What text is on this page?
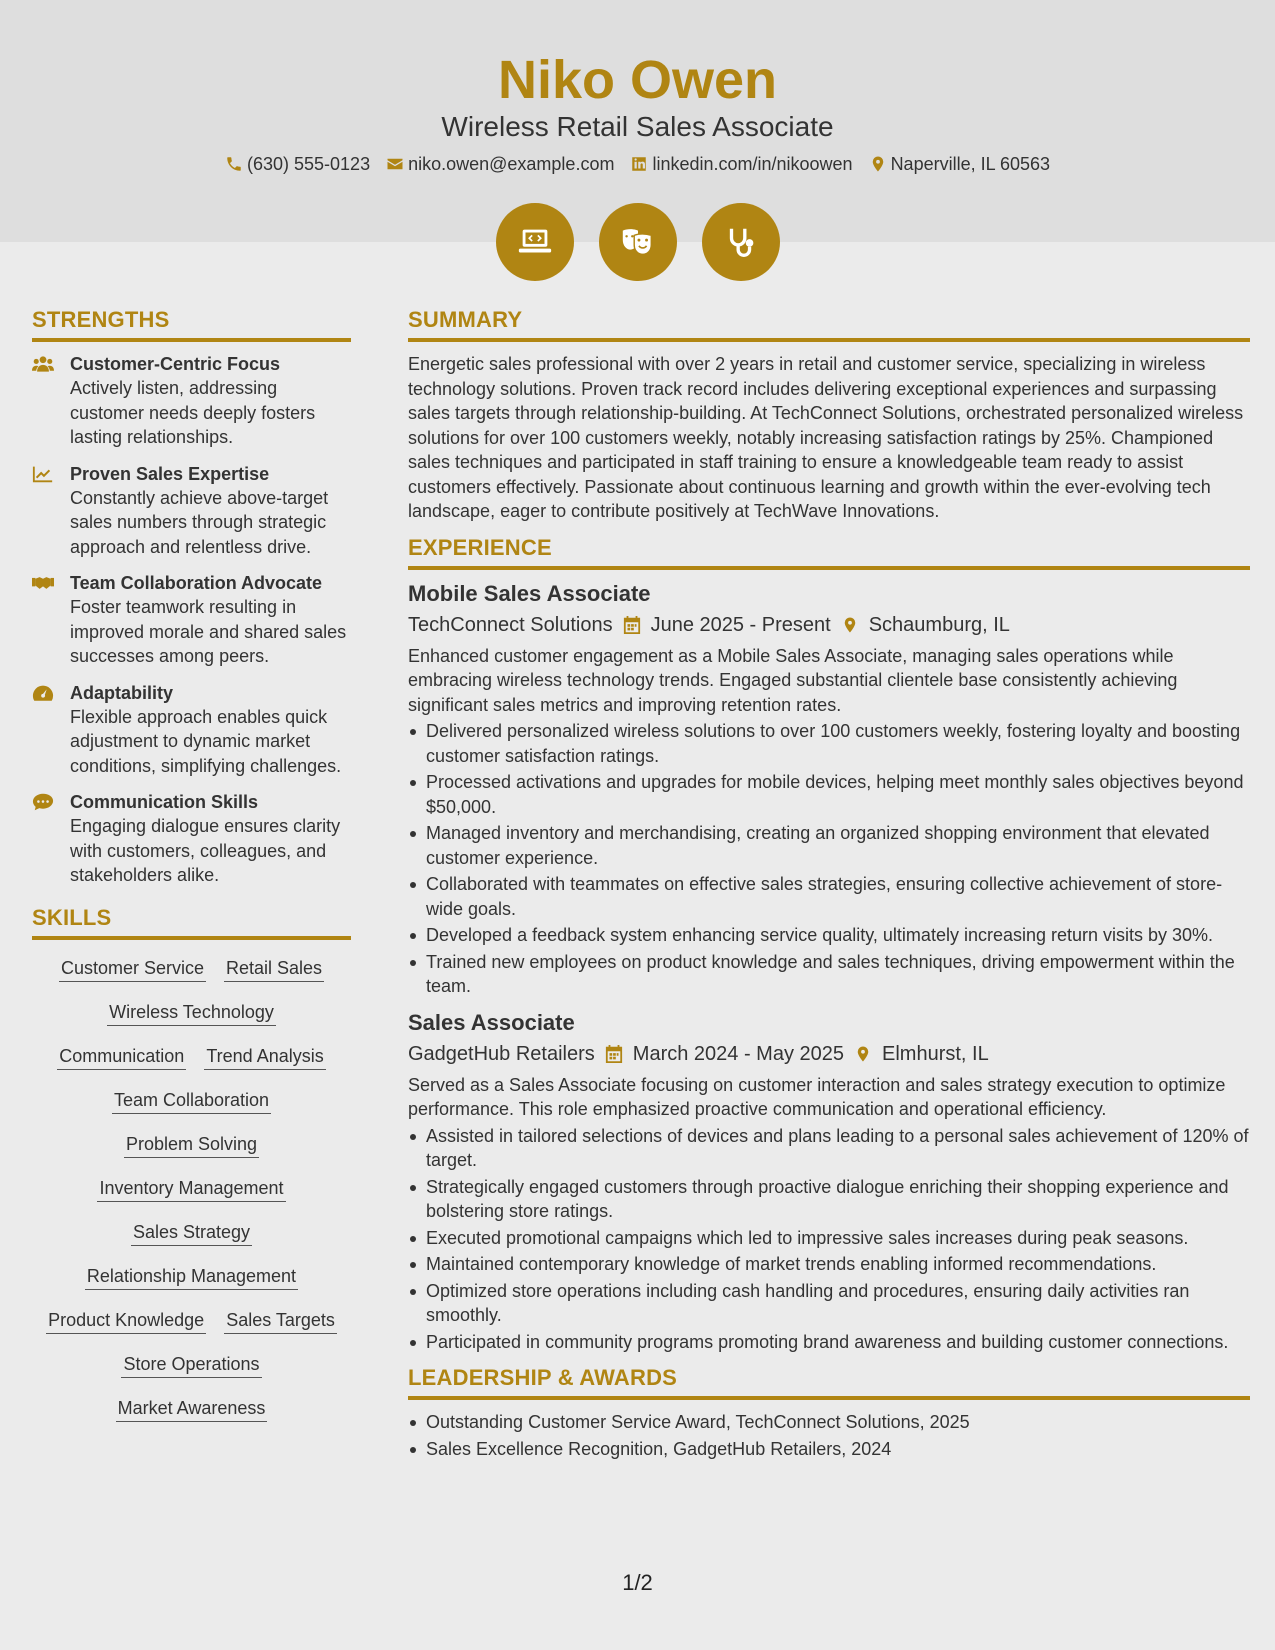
Niko Owen
Wireless Retail Sales Associate
(630) 555-0123 niko.owen@example.com linkedin.com/in/nikoowen Naperville, IL 60563
STRENGTHS
Customer-Centric Focus
Actively listen, addressing customer needs deeply fosters lasting relationships.
Proven Sales Expertise
Constantly achieve above-target sales numbers through strategic approach and relentless drive.
Team Collaboration Advocate
Foster teamwork resulting in improved morale and shared sales successes among peers.
Adaptability
Flexible approach enables quick adjustment to dynamic market conditions, simplifying challenges.
Communication Skills
Engaging dialogue ensures clarity with customers, colleagues, and stakeholders alike.
SKILLS
Customer Service Retail Sales
Wireless Technology
Communication Trend Analysis
Team Collaboration
Problem Solving
Inventory Management
Sales Strategy
Relationship Management
Product Knowledge Sales Targets
Store Operations
Market Awareness
SUMMARY
Energetic sales professional with over 2 years in retail and customer service, specializing in wireless technology solutions. Proven track record includes delivering exceptional experiences and surpassing sales targets through relationship-building. At TechConnect Solutions, orchestrated personalized wireless solutions for over 100 customers weekly, notably increasing satisfaction ratings by 25%. Championed sales techniques and participated in staff training to ensure a knowledgeable team ready to assist customers effectively. Passionate about continuous learning and growth within the ever-evolving tech landscape, eager to contribute positively at TechWave Innovations.
EXPERIENCE
Mobile Sales Associate
TechConnect Solutions June 2025 - Present Schaumburg, IL
Enhanced customer engagement as a Mobile Sales Associate, managing sales operations while embracing wireless technology trends. Engaged substantial clientele base consistently achieving significant sales metrics and improving retention rates.
Delivered personalized wireless solutions to over 100 customers weekly, fostering loyalty and boosting customer satisfaction ratings.
Processed activations and upgrades for mobile devices, helping meet monthly sales objectives beyond $50,000.
Managed inventory and merchandising, creating an organized shopping environment that elevated customer experience.
Collaborated with teammates on effective sales strategies, ensuring collective achievement of store-wide goals.
Developed a feedback system enhancing service quality, ultimately increasing return visits by 30%.
Trained new employees on product knowledge and sales techniques, driving empowerment within the team.
Sales Associate
GadgetHub Retailers March 2024 - May 2025 Elmhurst, IL
Served as a Sales Associate focusing on customer interaction and sales strategy execution to optimize performance. This role emphasized proactive communication and operational efficiency.
Assisted in tailored selections of devices and plans leading to a personal sales achievement of 120% of target.
Strategically engaged customers through proactive dialogue enriching their shopping experience and bolstering store ratings.
Executed promotional campaigns which led to impressive sales increases during peak seasons.
Maintained contemporary knowledge of market trends enabling informed recommendations.
Optimized store operations including cash handling and procedures, ensuring daily activities ran smoothly.
Participated in community programs promoting brand awareness and building customer connections.
LEADERSHIP & AWARDS
Outstanding Customer Service Award, TechConnect Solutions, 2025
Sales Excellence Recognition, GadgetHub Retailers, 2024
1/2
